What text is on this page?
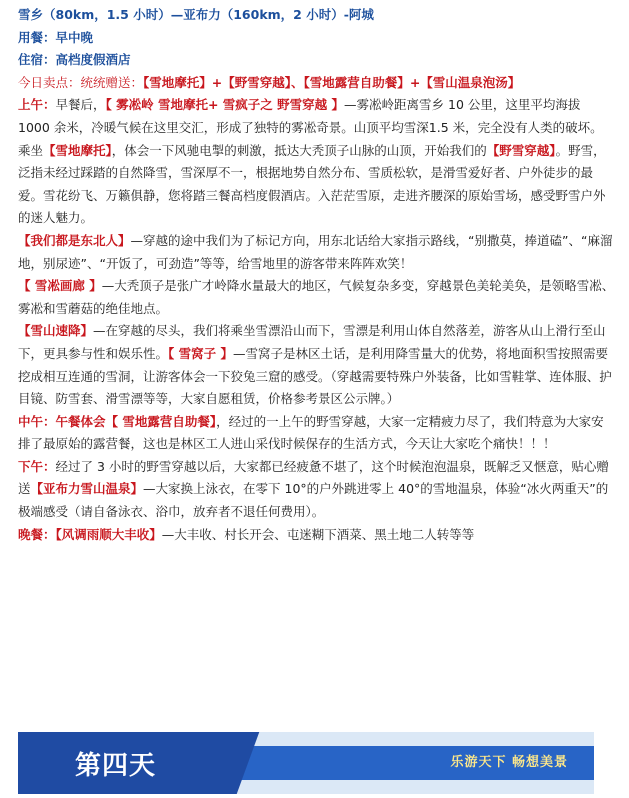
雪乡（80km，1.5 小时）—亚布力（160km，2 小时）-阿城

用餐：早中晚

住宿：高档度假酒店

今日卖点：统统赠送：【雪地摩托】+【野雪穿越】、【雪地露营自助餐】+【雪山温泉泡汤】

上午：早餐后，【 雾凇岭 雪地摩托+ 雪疯子之 野雪穿越 】—雾凇岭距离雪乡 10 公里，这里平均海拔 1000 余米，冷暖气候在这里交汇，形成了独特的雾凇奇景。山顶平均雪深1.5 米，完全没有人类的破坏。乘坐【雪地摩托】，体会一下风驰电掣的刺激，抵达大秃顶子山脉的山顶，开始我们的【野雪穿越】。野雪，泛指未经过踩踏的自然降雪，雪深厚不一，根据地势自然分布、雪质松软，是滑雪爱好者、户外徒步的最爱。雪花纷飞、万籁俱静，您将踏三餐高档度假酒店。入茫茫雪原，走进齐腰深的原始雪场，感受野雪户外的迷人魅力。

【我们都是东北人】—穿越的途中我们为了标记方向，用东北话给大家指示路线，“别撒莫，捧道磕”、“麻溜地，别尿迹”、“开饭了，可劲造”等等，给雪地里的游客带来阵阵欢笑！

【 雪凇画廊 】—大秃顶子是张广才岭降水量最大的地区，气候复杂多变，穿越景色美轮美奂，是领略雪凇、雾凇和雪蘑菇的绝佳地点。

【雪山速降】—在穿越的尽头，我们将乘坐雪漂沿山而下，雪漂是利用山体自然落差，游客从山上滑行至山下，更具参与性和娱乐性。【 雪窝子 】—雪窝子是林区土话，是利用降雪量大的优势，将地面积雪按照需要挖成相互连通的雪洞，让游客体会一下狡兔三窟的感受。（穿越需要特殊户外装备，比如雪鞋掌、连体服、护目镜、防雪套、滑雪漂等等，大家自愿租赁，价格参考景区公示牌。）

中午：午餐体会【 雪地露营自助餐】，经过的一上午的野雪穿越，大家一定精疲力尽了，我们特意为大家安排了最原始的露营餐，这也是林区工人进山采伐时候保存的生活方式，今天让大家吃个痛快！！！

下午：经过了 3 小时的野雪穿越以后，大家都已经疲惫不堪了，这个时候泡泡温泉，既解乏又惬意，贴心赠送【亚布力雪山温泉】—大家换上泳衣，在零下 10°的户外跳进零上 40°的雪地温泉，体验“冰火两重天”的极端感受（请自备泳衣、浴巾，放弃者不退任何费用）。

晚餐：【风调雨顺大丰收】—大丰收、村长开会、屯迷糊下酒菜、黑土地二人转等等

第四天	乐游天下 畅想美景
